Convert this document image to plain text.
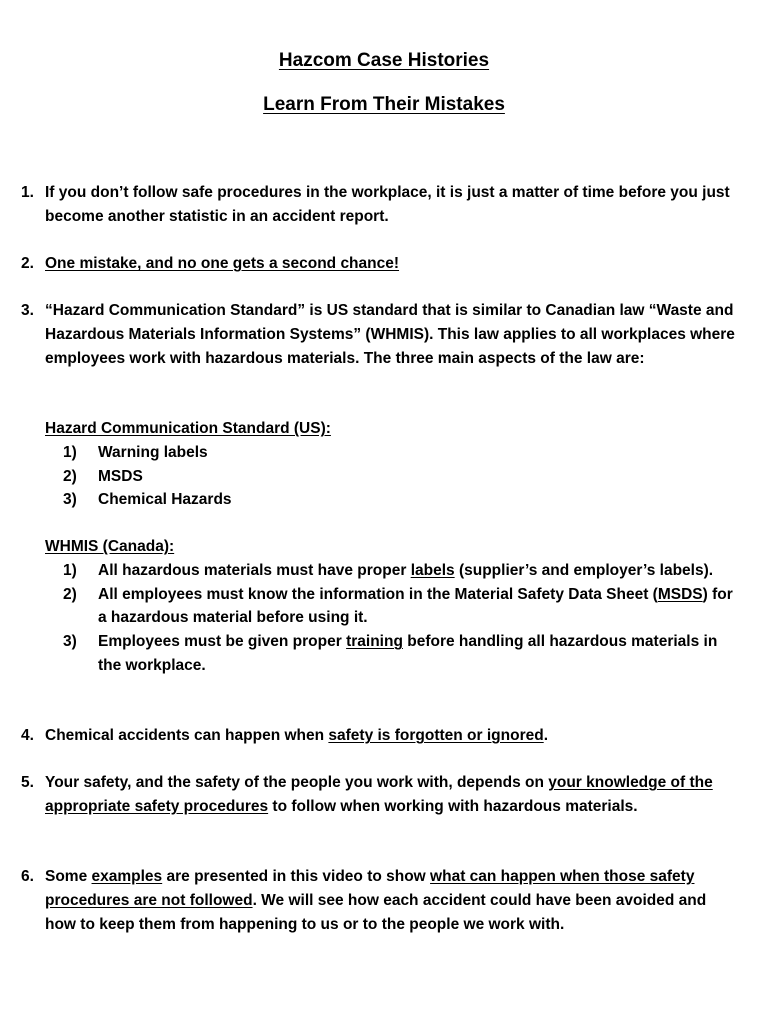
Hazcom Case Histories
Learn From Their Mistakes
1. If you don’t follow safe procedures in the workplace, it is just a matter of time before you just become another statistic in an accident report.
2. One mistake, and no one gets a second chance!
3. “Hazard Communication Standard” is US standard that is similar to Canadian law “Waste and Hazardous Materials Information Systems” (WHMIS). This law applies to all workplaces where employees work with hazardous materials. The three main aspects of the law are:
Hazard Communication Standard (US):
1) Warning labels
2) MSDS
3) Chemical Hazards
WHMIS (Canada):
1) All hazardous materials must have proper labels (supplier’s and employer’s labels).
2) All employees must know the information in the Material Safety Data Sheet (MSDS) for a hazardous material before using it.
3) Employees must be given proper training before handling all hazardous materials in the workplace.
4. Chemical accidents can happen when safety is forgotten or ignored.
5. Your safety, and the safety of the people you work with, depends on your knowledge of the appropriate safety procedures to follow when working with hazardous materials.
6. Some examples are presented in this video to show what can happen when those safety procedures are not followed. We will see how each accident could have been avoided and how to keep them from happening to us or to the people we work with.
